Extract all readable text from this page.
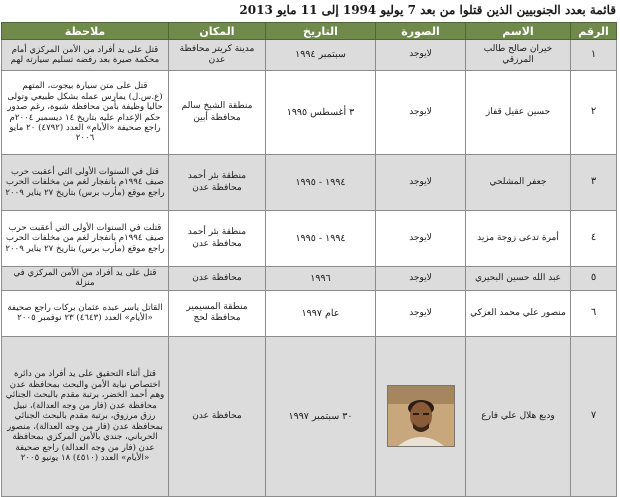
قائمة بعدد الجنوبيين الذين قتلوا من بعد 7 يوليو 1994 إلى 11 مايو 2013
الرقم	الاسم	الصورة	التاريخ	المكان	ملاحظة
١	خيران صالح طالب المرزقي	لايوجد	سبتمبر ١٩٩٤	مدينة كريتر محافظة عدن	قتل على يد أفراد من الأمن المركزي أمام محكمة صيرة بعد رفضه تسليم سيارته لهم
٢	حسين عقيل قفاز	لايوجد	٣ أغسطس ١٩٩٥	منطقة الشيخ سالم محافظة أبين	قتل على متن سيارة بيجوت، المتهم (ع.س.ل) يمارس عمله بشكل طبيعي وتولى حاليا وظيفة بأمن محافظة شبوة، رغم صدور حكم الإعدام عليه بتاريخ ١٤ ديسمبر ٢٠٠٤م راجع صحيفة «الأيام» العدد (٤٧٩٢) ٢٠ مايو ٢٠٠٦
٣	جعفر المشلحي	لايوجد	١٩٩٤ - ١٩٩٥	منطقة بئر أحمد محافظة عدن	قتل في السنوات الأولى التي أعقبت حرب صيف ١٩٩٤م بانفجار لغم من مخلفات الحرب راجع موقع (مأرب برس) بتاريخ ٢٧ يناير ٢٠٠٩
٤	أمرة تدعى زوجة مزيد	لايوجد	١٩٩٤ - ١٩٩٥	منطقة بئر أحمد محافظة عدن	قتلت في السنوات الأولى التي أعقبت حرب صيف ١٩٩٤م بانفجار لغم من مخلفات الحرب راجع موقع (مأرب برس) بتاريخ ٢٧ يناير ٢٠٠٩
٥	عبد الله حسين البحيري	لايوجد	١٩٩٦	محافظة عدن	قتل على يد أفراد من الأمن المركزي في منزلة
٦	منصور علي محمد العزكي	لايوجد	عام ١٩٩٧	منطقة المسيمير محافظة لحج	القاتل ياسر عبده عثمان بركات راجع صحيفة «الأيام» العدد (٤٦٤٣) ٢٣ نوفمبر ٢٠٠٥
٧	وديع هلال علي فارع		٣٠ سبتمبر ١٩٩٧	محافظة عدن	قتل أثناء التحقيق على يد أفراد من دائرة اختصاص نيابة الأمن والبحث بمحافظة عدن وهم أحمد الخضر، برتبة مقدم بالبحث الجنائي محافظة عدن (فار من وجه العدالة)، نبيل رزق مرزوق، برتبة مقدم بالبحث الجنائي بمحافظة عدن (فار من وجه العدالة)، منصور الحرباني، جندي بالأمن المركزي بمحافظة عدن (فار من وجه العدالة) راجع صحيفة «الأيام» العدد (٤٥١٠) ١٨ يونيو ٢٠٠٥
